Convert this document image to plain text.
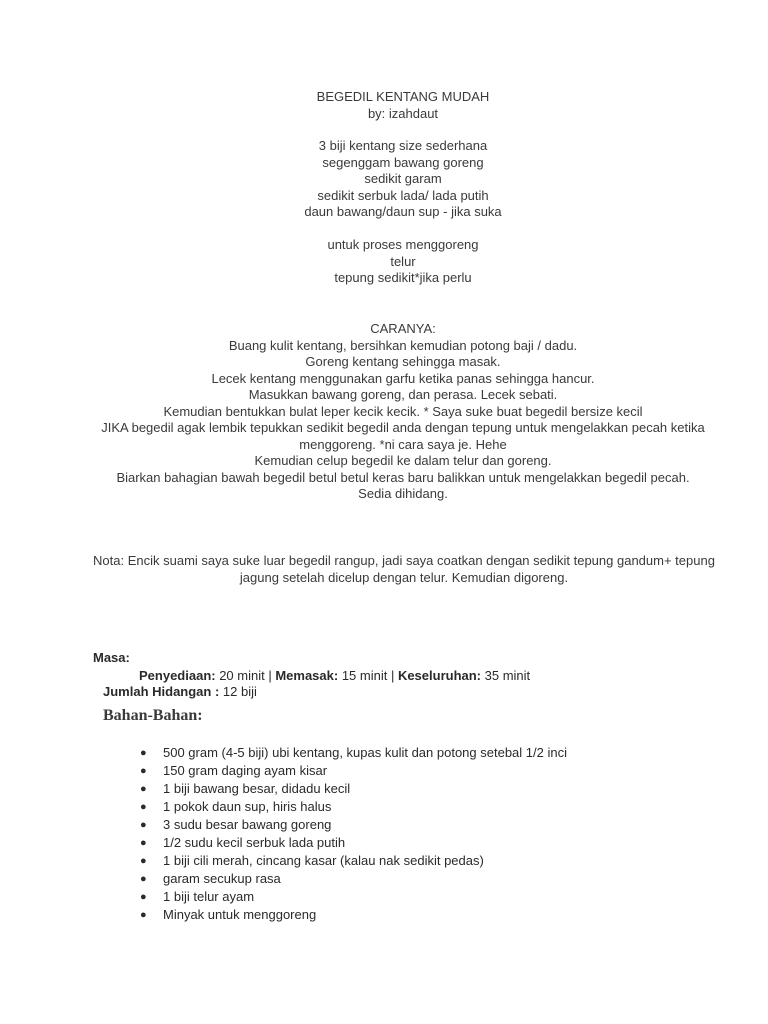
BEGEDIL KENTANG MUDAH
by: izahdaut
3 biji kentang size sederhana
segenggam bawang goreng
sedikit garam
sedikit serbuk lada/ lada putih
daun bawang/daun sup - jika suka
untuk proses menggoreng
telur
tepung sedikit*jika perlu
CARANYA:
Buang kulit kentang, bersihkan kemudian potong baji / dadu.
Goreng kentang sehingga masak.
Lecek kentang menggunakan garfu ketika panas sehingga hancur.
Masukkan bawang goreng, dan perasa. Lecek sebati.
Kemudian bentukkan bulat leper kecik kecik. * Saya suke buat begedil bersize kecil
JIKA begedil agak lembik tepukkan sedikit begedil anda dengan tepung untuk mengelakkan pecah ketika menggoreng. *ni cara saya je. Hehe
Kemudian celup begedil ke dalam telur dan goreng.
Biarkan bahagian bawah begedil betul betul keras baru balikkan untuk mengelakkan begedil pecah.
Sedia dihidang.
Nota: Encik suami saya suke luar begedil rangup, jadi saya coatkan dengan sedikit tepung gandum+ tepung jagung setelah dicelup dengan telur. Kemudian digoreng.
Masa:
Penyediaan: 20 minit | Memasak: 15 minit | Keseluruhan: 35 minit
Jumlah Hidangan : 12 biji
Bahan-Bahan:
● 500 gram (4-5 biji) ubi kentang, kupas kulit dan potong setebal 1/2 inci
● 150 gram daging ayam kisar
● 1 biji bawang besar, didadu kecil
● 1 pokok daun sup, hiris halus
● 3 sudu besar bawang goreng
● 1/2 sudu kecil serbuk lada putih
● 1 biji cili merah, cincang kasar (kalau nak sedikit pedas)
● garam secukup rasa
● 1 biji telur ayam
● Minyak untuk menggoreng
